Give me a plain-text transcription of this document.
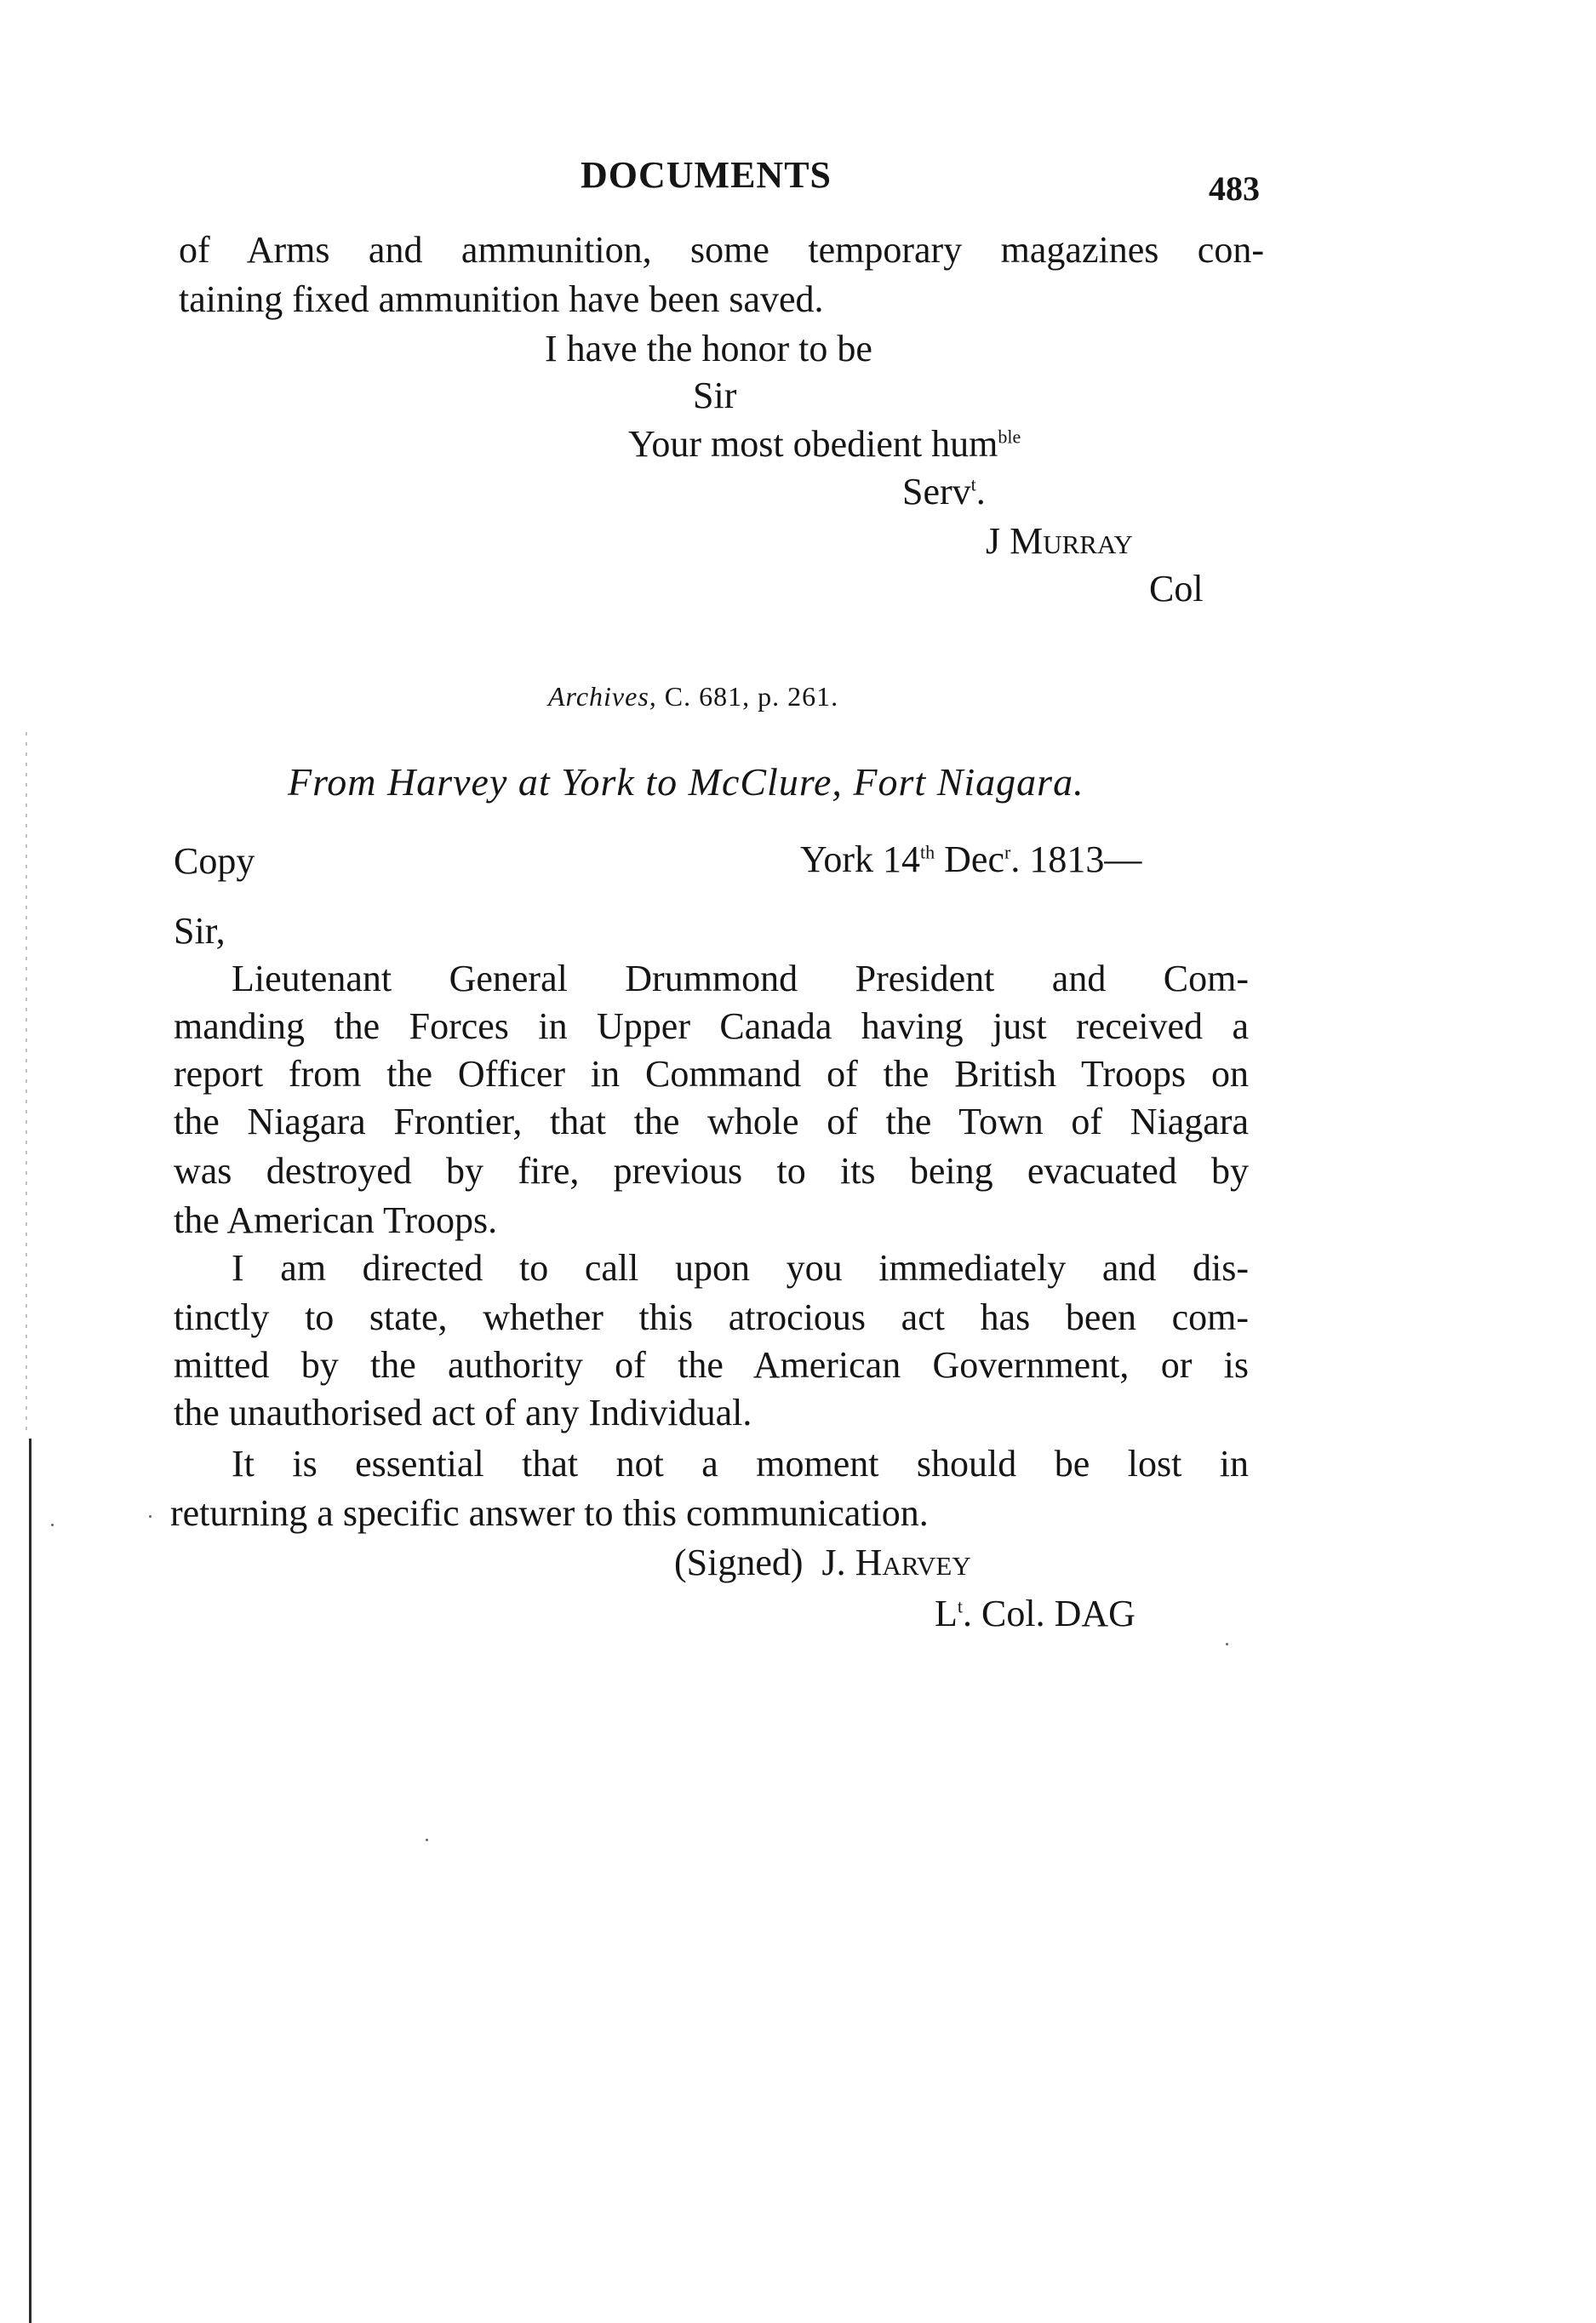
DOCUMENTS	483
of Arms and ammunition, some temporary magazines con-
taining fixed ammunition have been saved.
I have the honor to be
Sir
Your most obedient hum$^{ble}$
Serv$^t$.
J Murray
Col
Archives, C. 681, p. 261.
From Harvey at York to McClure, Fort Niagara.
Copy	York 14th Dec$^r$. 1813—
Sir,
Lieutenant General Drummond President and Com-
manding the Forces in Upper Canada having just received a
report from the Officer in Command of the British Troops on
the Niagara Frontier, that the whole of the Town of Niagara
was destroyed by fire, previous to its being evacuated by
the American Troops.
I am directed to call upon you immediately and dis-
tinctly to state, whether this atrocious act has been com-
mitted by the authority of the American Government, or is
the unauthorised act of any Individual.
It is essential that not a moment should be lost in
returning a specific answer to this communication.
(Signed) J. Harvey
$L^t$. Col. DAG
